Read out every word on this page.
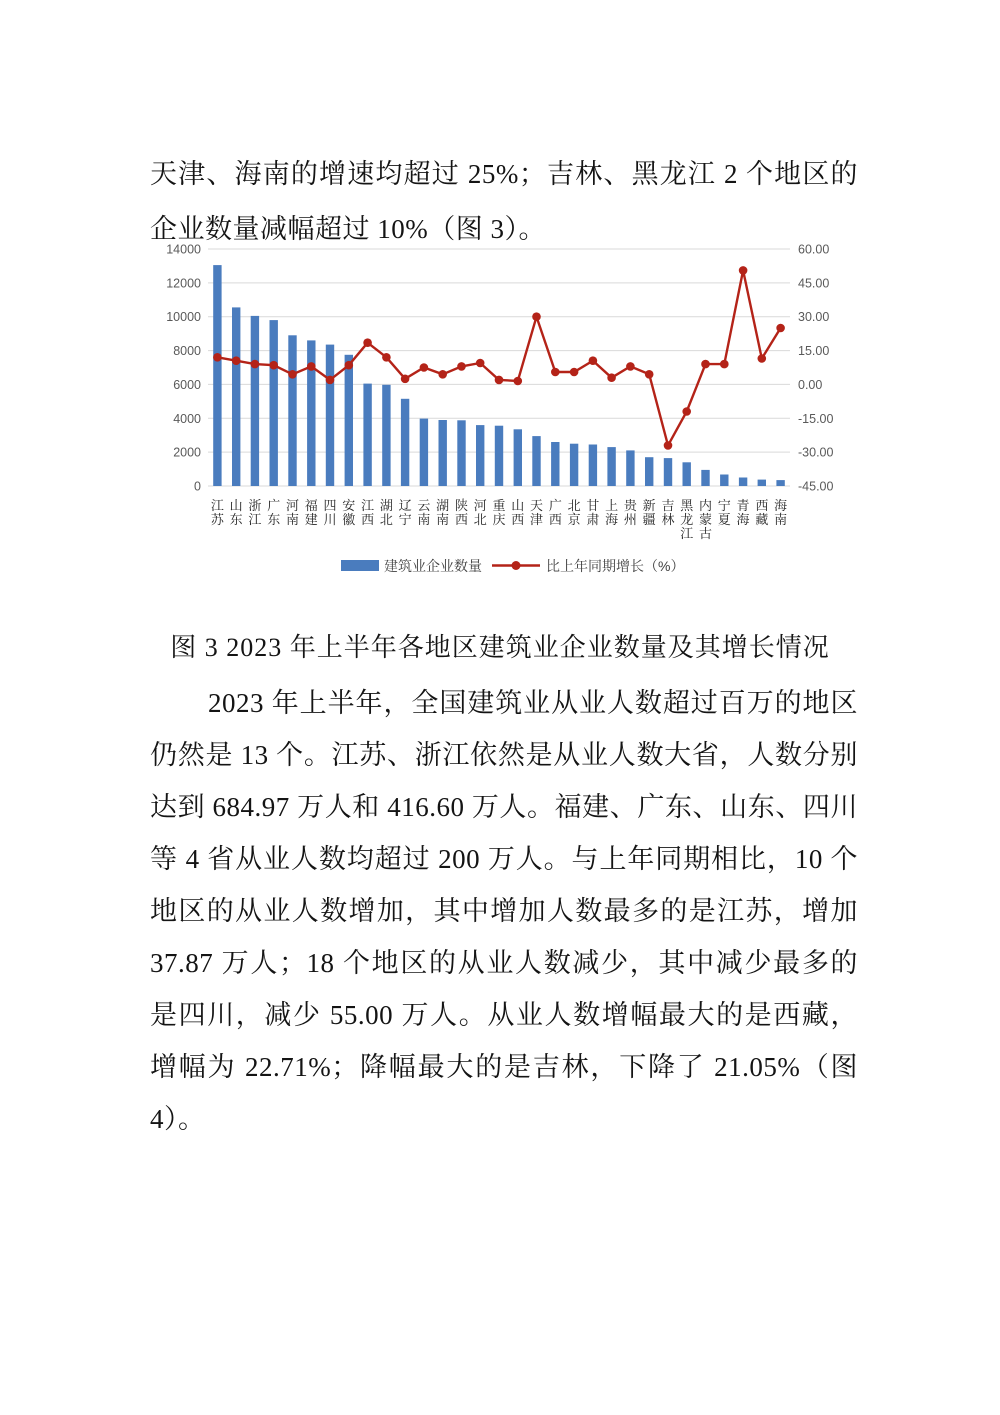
天津、海南的增速均超过 25%；吉林、黑龙江 2 个地区的企业数量减幅超过 10%（图 3）。

14000	60.00
12000	45.00
10000	30.00
8000	15.00
6000	0.00
4000	-15.00
2000	-30.00
0	-45.00
江苏
山东
浙江
广东
河南
福建
四川
安徽
江西
湖北
辽宁
云南
湖南
陕西
河北
重庆
山西
天津
广西
北京
甘肃
上海
贵州
新疆
吉林
黑龙江
内蒙古
宁夏
青海
西藏
海南
建筑业企业数量	比上年同期增长（%）

图 3 2023 年上半年各地区建筑业企业数量及其增长情况

2023 年上半年，全国建筑业从业人数超过百万的地区仍然是 13 个。江苏、浙江依然是从业人数大省，人数分别达到 684.97 万人和 416.60 万人。福建、广东、山东、四川等 4 省从业人数均超过 200 万人。与上年同期相比，10 个地区的从业人数增加，其中增加人数最多的是江苏，增加 37.87 万人；18 个地区的从业人数减少，其中减少最多的是四川，减少 55.00 万人。从业人数增幅最大的是西藏，增幅为 22.71%；降幅最大的是吉林，下降了 21.05%（图 4）。
